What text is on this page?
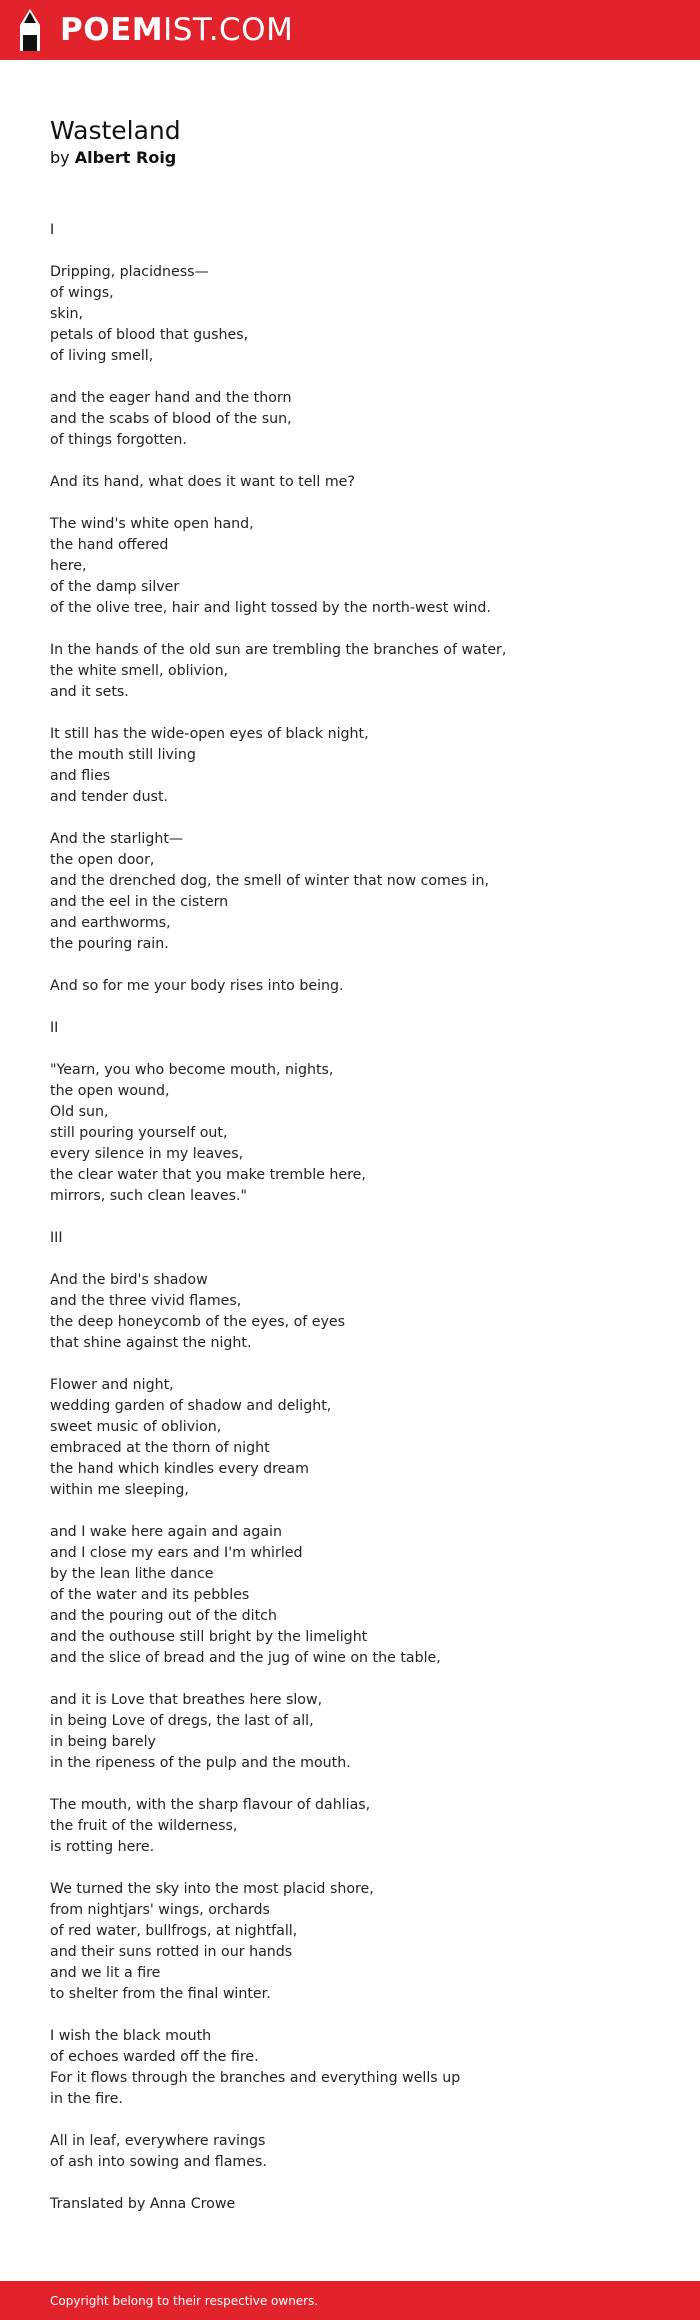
POEMIST.COM
Wasteland
by Albert Roig
I
Dripping, placidness—
of wings,
skin,
petals of blood that gushes,
of living smell,
and the eager hand and the thorn
and the scabs of blood of the sun,
of things forgotten.
And its hand, what does it want to tell me?
The wind's white open hand,
the hand offered
here,
of the damp silver
of the olive tree, hair and light tossed by the north-west wind.
In the hands of the old sun are trembling the branches of water,
the white smell, oblivion,
and it sets.
It still has the wide-open eyes of black night,
the mouth still living
and flies
and tender dust.
And the starlight—
the open door,
and the drenched dog, the smell of winter that now comes in,
and the eel in the cistern
and earthworms,
the pouring rain.
And so for me your body rises into being.
II
"Yearn, you who become mouth, nights,
the open wound,
Old sun,
still pouring yourself out,
every silence in my leaves,
the clear water that you make tremble here,
mirrors, such clean leaves."
III
And the bird's shadow
and the three vivid flames,
the deep honeycomb of the eyes, of eyes
that shine against the night.
Flower and night,
wedding garden of shadow and delight,
sweet music of oblivion,
embraced at the thorn of night
the hand which kindles every dream
within me sleeping,
and I wake here again and again
and I close my ears and I'm whirled
by the lean lithe dance
of the water and its pebbles
and the pouring out of the ditch
and the outhouse still bright by the limelight
and the slice of bread and the jug of wine on the table,
and it is Love that breathes here slow,
in being Love of dregs, the last of all,
in being barely
in the ripeness of the pulp and the mouth.
The mouth, with the sharp flavour of dahlias,
the fruit of the wilderness,
is rotting here.
We turned the sky into the most placid shore,
from nightjars' wings, orchards
of red water, bullfrogs, at nightfall,
and their suns rotted in our hands
and we lit a fire
to shelter from the final winter.
I wish the black mouth
of echoes warded off the fire.
For it flows through the branches and everything wells up
in the fire.
All in leaf, everywhere ravings
of ash into sowing and flames.
Translated by Anna Crowe
Copyright belong to their respective owners.
